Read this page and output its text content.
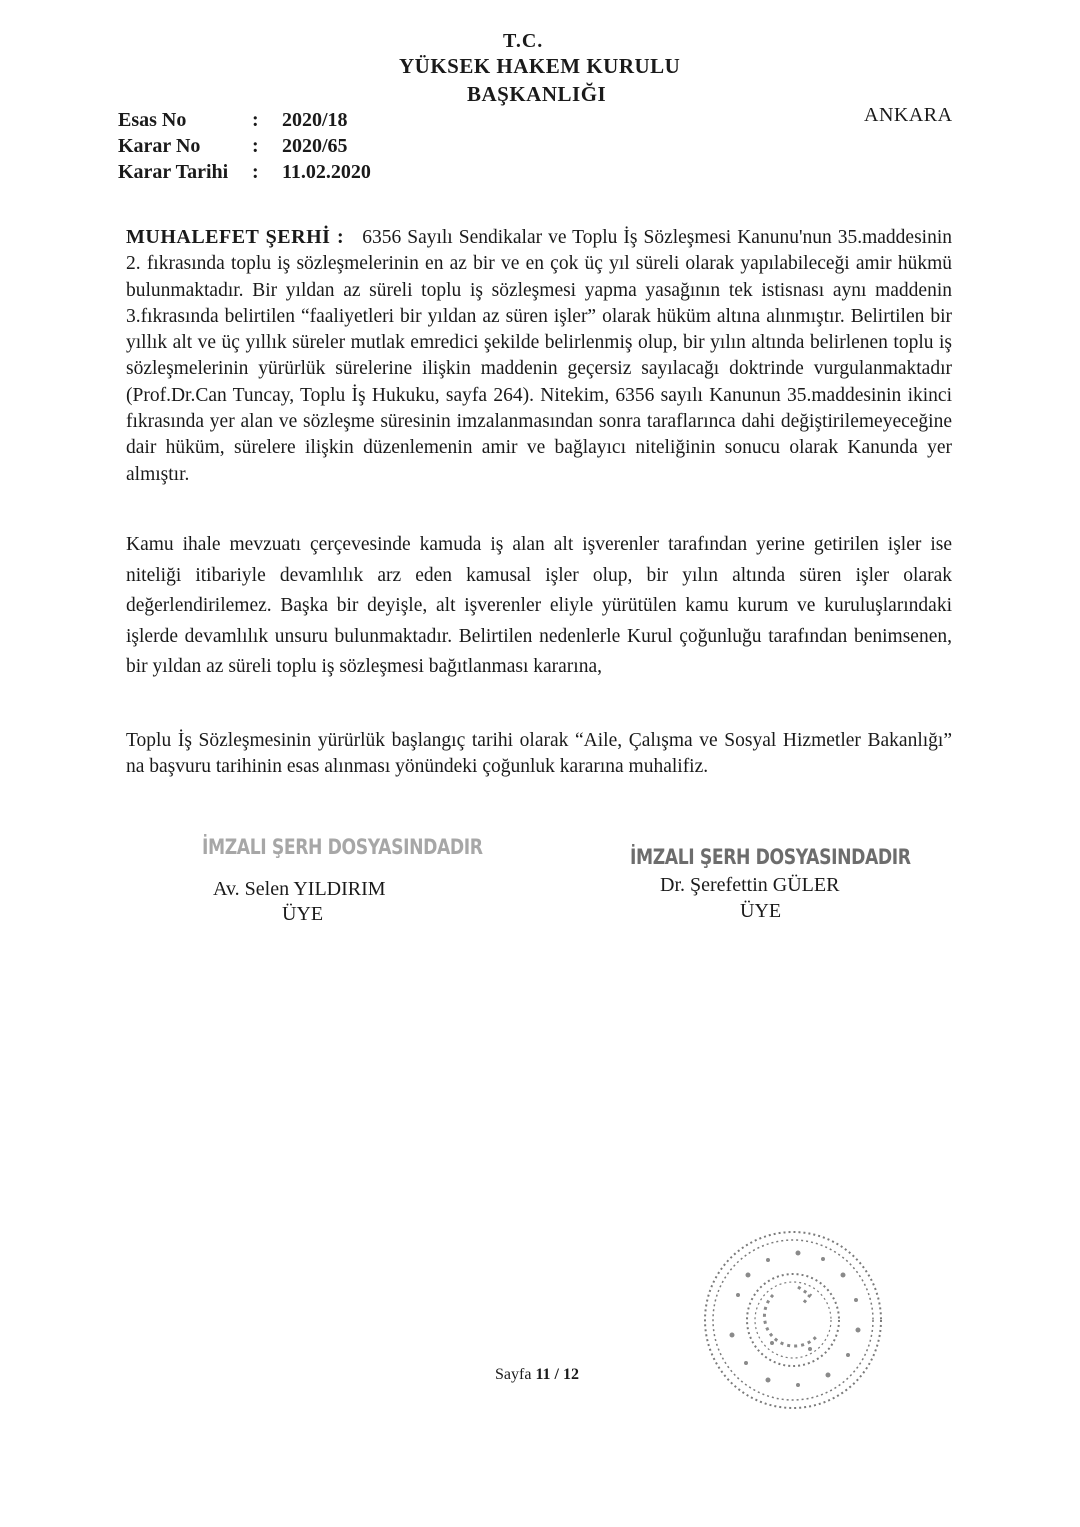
T.C.
YÜKSEK HAKEM KURULU
BAŞKANLIĞI
ANKARA
Esas No	:	2020/18
Karar No	:	2020/65
Karar Tarihi	:	11.02.2020
MUHALEFET ŞERHİ : 6356 Sayılı Sendikalar ve Toplu İş Sözleşmesi Kanunu'nun 35.maddesinin 2. fıkrasında toplu iş sözleşmelerinin en az bir ve en çok üç yıl süreli olarak yapılabileceği amir hükmü bulunmaktadır. Bir yıldan az süreli toplu iş sözleşmesi yapma yasağının tek istisnası aynı maddenin 3.fıkrasında belirtilen “faaliyetleri bir yıldan az süren işler” olarak hüküm altına alınmıştır. Belirtilen bir yıllık alt ve üç yıllık süreler mutlak emredici şekilde belirlenmiş olup, bir yılın altında belirlenen toplu iş sözleşmelerinin yürürlük sürelerine ilişkin maddenin geçersiz sayılacağı doktrinde vurgulanmaktadır (Prof.Dr.Can Tuncay, Toplu İş Hukuku, sayfa 264). Nitekim, 6356 sayılı Kanunun 35.maddesinin ikinci fıkrasında yer alan ve sözleşme süresinin imzalanmasından sonra taraflarınca dahi değiştirilemeyeceğine dair hüküm, sürelere ilişkin düzenlemenin amir ve bağlayıcı niteliğinin sonucu olarak Kanunda yer almıştır.
Kamu ihale mevzuatı çerçevesinde kamuda iş alan alt işverenler tarafından yerine getirilen işler ise niteliği itibariyle devamlılık arz eden kamusal işler olup, bir yılın altında süren işler olarak değerlendirilemez. Başka bir deyişle, alt işverenler eliyle yürütülen kamu kurum ve kuruluşlarındaki işlerde devamlılık unsuru bulunmaktadır. Belirtilen nedenlerle Kurul çoğunluğu tarafından benimsenen, bir yıldan az süreli toplu iş sözleşmesi bağıtlanması kararına,
Toplu İş Sözleşmesinin yürürlük başlangıç tarihi olarak “Aile, Çalışma ve Sosyal Hizmetler Bakanlığı” na başvuru tarihinin esas alınması yönündeki çoğunluk kararına muhalifiz.
İMZALI ŞERH DOSYASINDADIR
Av. Selen YILDIRIM
ÜYE
İMZALI ŞERH DOSYASINDADIR
Dr. Şerefettin GÜLER
ÜYE
Sayfa 11 / 12
